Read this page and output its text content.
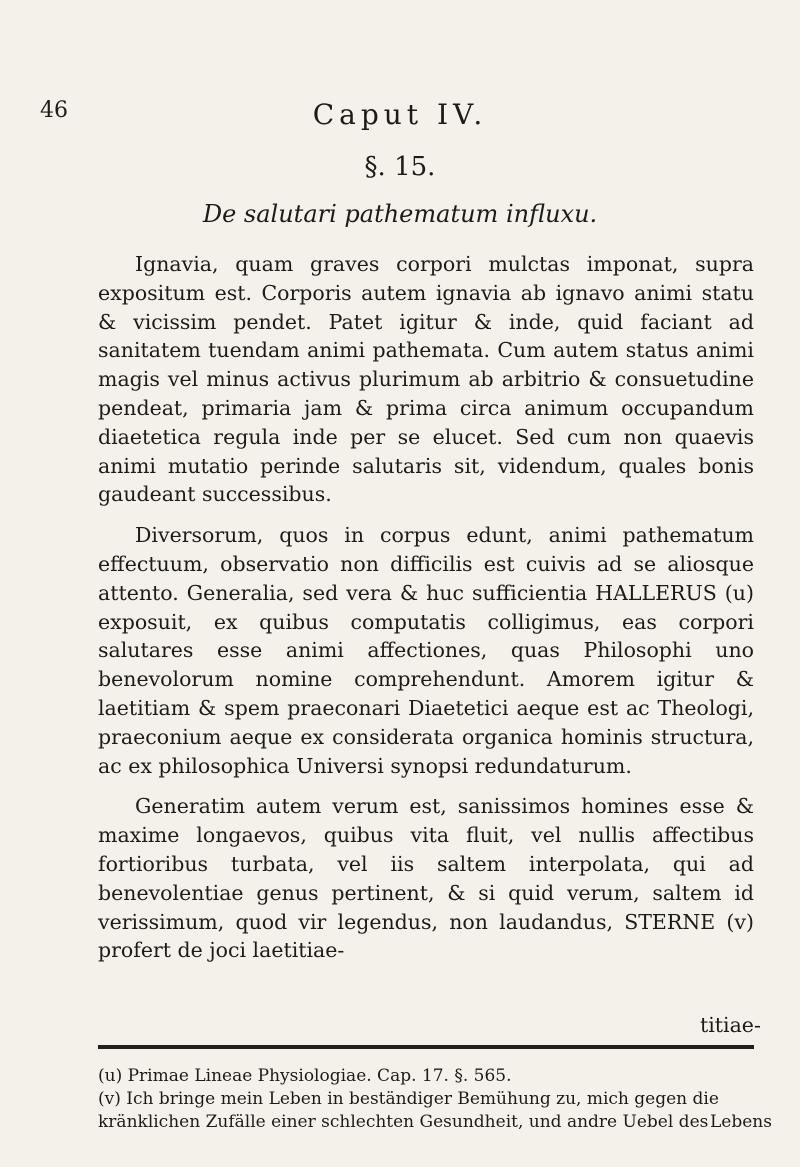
46	Caput IV.
§. 15.
De salutari pathematum influxu.

Ignavia, quam graves corpori mulctas imponat, supra expositum est. Corporis autem ignavia ab ignavo animi statu & vicissim pendet. Patet igitur & inde, quid faciant ad sanitatem tuendam animi pathemata. Cum autem status animi magis vel minus activus plurimum ab arbitrio & consuetudine pendeat, primaria jam & prima circa animum occupandum diaetetica regula inde per se elucet. Sed cum non quaevis animi mutatio perinde salutaris sit, videndum, quales bonis gaudeant successibus.

Diversorum, quos in corpus edunt, animi pathematum effectuum, observatio non difficilis est cuivis ad se aliosque attento. Generalia, sed vera & huc sufficientia HALLERUS (u) exposuit, ex quibus computatis colligimus, eas corpori salutares esse animi affectiones, quas Philosophi uno benevolorum nomine comprehendunt. Amorem igitur & laetitiam & spem praeconari Diaetetici aeque est ac Theologi, praeconium aeque ex considerata organica hominis structura, ac ex philosophica Universi synopsi redundaturum.

Generatim autem verum est, sanissimos homines esse & maxime longaevos, quibus vita fluit, vel nullis affectibus fortioribus turbata, vel iis saltem interpolata, qui ad benevolentiae genus pertinent, & si quid verum, saltem id verissimum, quod vir legendus, non laudandus, STERNE (v) profert de joci laetitiae-

titiae-

(u) Primae Lineae Physiologiae. Cap. 17. §. 565.

(v) Ich bringe mein Leben in beständiger Bemühung zu, mich gegen die kränklichen Zufälle einer schlechten Gesundheit, und andre Uebel des Lebens
